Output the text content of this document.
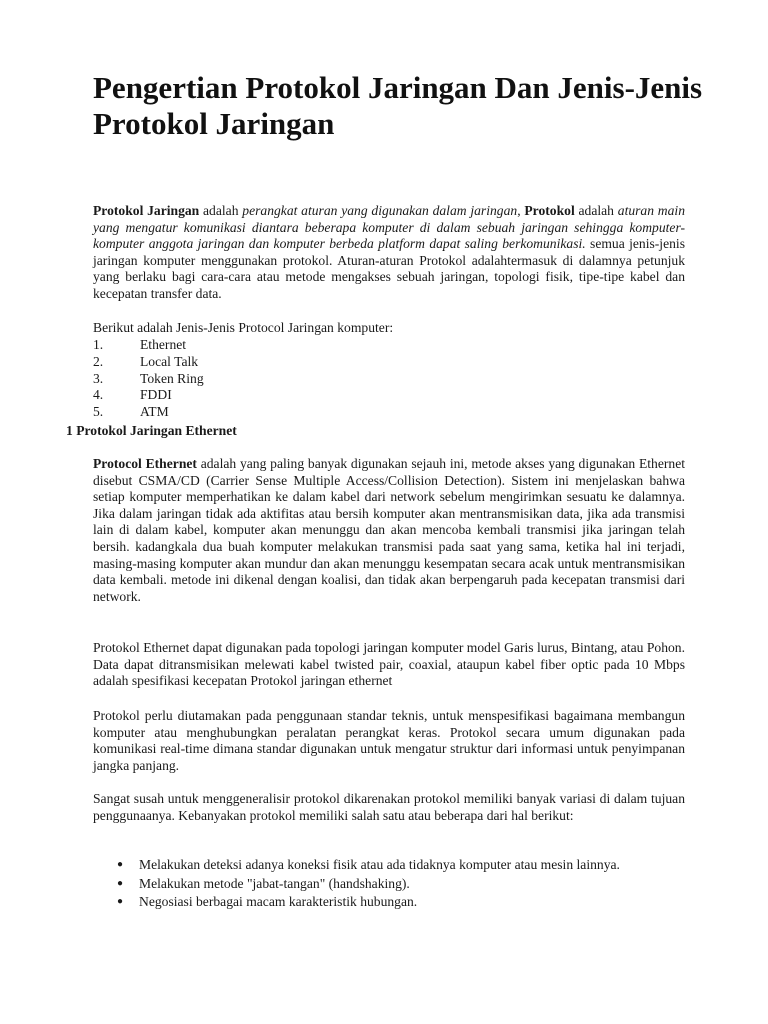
Pengertian Protokol Jaringan Dan Jenis-Jenis Protokol Jaringan

Protokol Jaringan adalah perangkat aturan yang digunakan dalam jaringan, Protokol adalah aturan main yang mengatur komunikasi diantara beberapa komputer di dalam sebuah jaringan sehingga komputer-komputer anggota jaringan dan komputer berbeda platform dapat saling berkomunikasi. semua jenis-jenis jaringan komputer menggunakan protokol. Aturan-aturan Protokol adalahtermasuk di dalamnya petunjuk yang berlaku bagi cara-cara atau metode mengakses sebuah jaringan, topologi fisik, tipe-tipe kabel dan kecepatan transfer data.

Berikut adalah Jenis-Jenis Protocol Jaringan komputer:

1.	Ethernet
2.	Local Talk
3.	Token Ring
4.	FDDI
5.	ATM

1 Protokol Jaringan Ethernet

Protocol Ethernet adalah yang paling banyak digunakan sejauh ini, metode akses yang digunakan Ethernet disebut CSMA/CD (Carrier Sense Multiple Access/Collision Detection). Sistem ini menjelaskan bahwa setiap komputer memperhatikan ke dalam kabel dari network sebelum mengirimkan sesuatu ke dalamnya. Jika dalam jaringan tidak ada aktifitas atau bersih komputer akan mentransmisikan data, jika ada transmisi lain di dalam kabel, komputer akan menunggu dan akan mencoba kembali transmisi jika jaringan telah bersih. kadangkala dua buah komputer melakukan transmisi pada saat yang sama, ketika hal ini terjadi, masing-masing komputer akan mundur dan akan menunggu kesempatan secara acak untuk mentransmisikan data kembali. metode ini dikenal dengan koalisi, dan tidak akan berpengaruh pada kecepatan transmisi dari network.

Protokol Ethernet dapat digunakan pada topologi jaringan komputer model Garis lurus, Bintang, atau Pohon. Data dapat ditransmisikan melewati kabel twisted pair, coaxial, ataupun kabel fiber optic pada 10 Mbps adalah spesifikasi kecepatan Protokol jaringan ethernet

Protokol perlu diutamakan pada penggunaan standar teknis, untuk menspesifikasi bagaimana membangun komputer atau menghubungkan peralatan perangkat keras. Protokol secara umum digunakan pada komunikasi real-time dimana standar digunakan untuk mengatur struktur dari informasi untuk penyimpanan jangka panjang.

Sangat susah untuk menggeneralisir protokol dikarenakan protokol memiliki banyak variasi di dalam tujuan penggunaanya. Kebanyakan protokol memiliki salah satu atau beberapa dari hal berikut:

●	Melakukan deteksi adanya koneksi fisik atau ada tidaknya komputer atau mesin lainnya.
●	Melakukan metode "jabat-tangan" (handshaking).
●	Negosiasi berbagai macam karakteristik hubungan.
